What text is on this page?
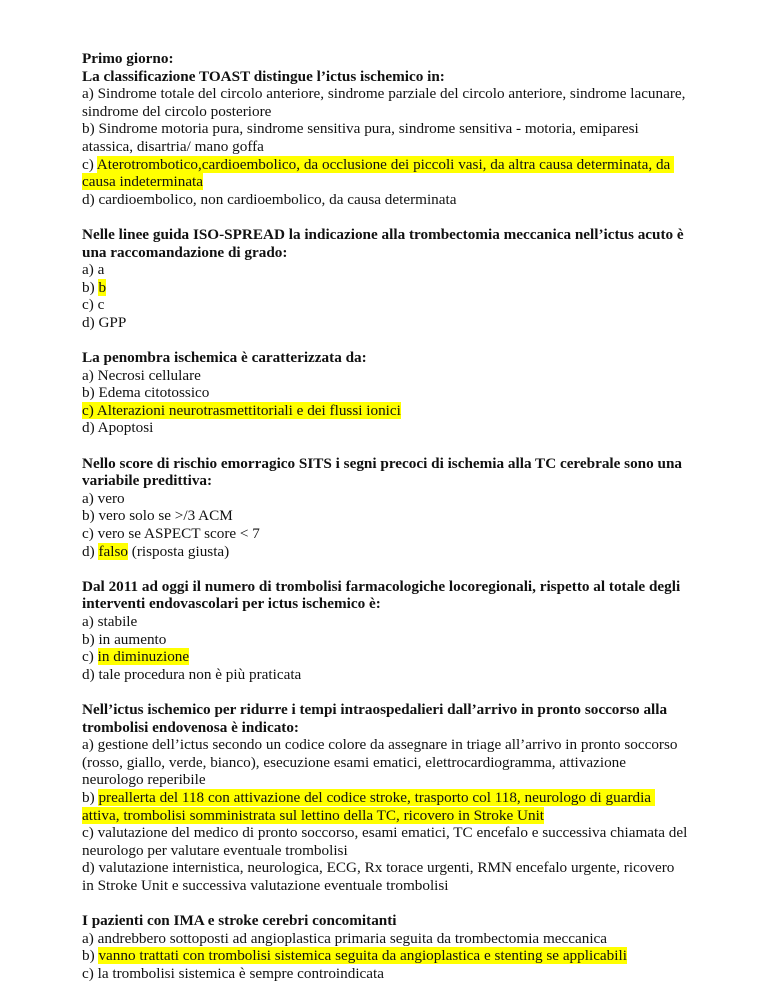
Primo giorno:
La classificazione TOAST distingue l’ictus ischemico in:
a) Sindrome totale del circolo anteriore, sindrome parziale del circolo anteriore, sindrome lacunare, sindrome del circolo posteriore
b) Sindrome motoria pura, sindrome sensitiva pura, sindrome sensitiva - motoria, emiparesi atassica, disartria/ mano goffa
c) Aterotrombotico,cardioembolico, da occlusione dei piccoli vasi, da altra causa determinata, da causa indeterminata
d) cardioembolico, non cardioembolico, da causa determinata
Nelle linee guida ISO-SPREAD la indicazione alla trombectomia meccanica nell’ictus acuto è una raccomandazione di grado:
a) a
b) b
c) c
d) GPP
La penombra ischemica è caratterizzata da:
a) Necrosi cellulare
b) Edema citotossico
c) Alterazioni neurotrasmettitoriali e dei flussi ionici
d) Apoptosi
Nello score di rischio emorragico SITS i segni precoci di ischemia alla TC cerebrale sono una variabile predittiva:
a) vero
b) vero solo se >/3 ACM
c) vero se ASPECT score < 7
d) falso (risposta giusta)
Dal 2011 ad oggi il numero di trombolisi farmacologiche locoregionali, rispetto al totale degli interventi endovascolari per ictus ischemico è:
a) stabile
b) in aumento
c) in diminuzione
d) tale procedura non è più praticata
Nell’ictus ischemico per ridurre i tempi intraospedalieri dall’arrivo in pronto soccorso alla trombolisi endovenosa è indicato:
a) gestione dell’ictus secondo un codice colore da assegnare in triage all’arrivo in pronto soccorso (rosso, giallo, verde, bianco), esecuzione esami ematici, elettrocardiogramma, attivazione neurologo reperibile
b) preallerta del 118 con attivazione del codice stroke, trasporto col 118, neurologo di guardia attiva, trombolisi somministrata sul lettino della TC, ricovero in Stroke Unit
c) valutazione del medico di pronto soccorso, esami ematici, TC encefalo e successiva chiamata del neurologo per valutare eventuale trombolisi
d) valutazione internistica, neurologica, ECG, Rx torace urgenti, RMN encefalo urgente, ricovero in Stroke Unit e successiva valutazione eventuale trombolisi
I pazienti con IMA e stroke cerebri concomitanti
a) andrebbero sottoposti ad angioplastica primaria seguita da trombectomia meccanica
b) vanno trattati con trombolisi sistemica seguita da angioplastica e stenting se applicabili
c) la trombolisi sistemica è sempre controindicata
